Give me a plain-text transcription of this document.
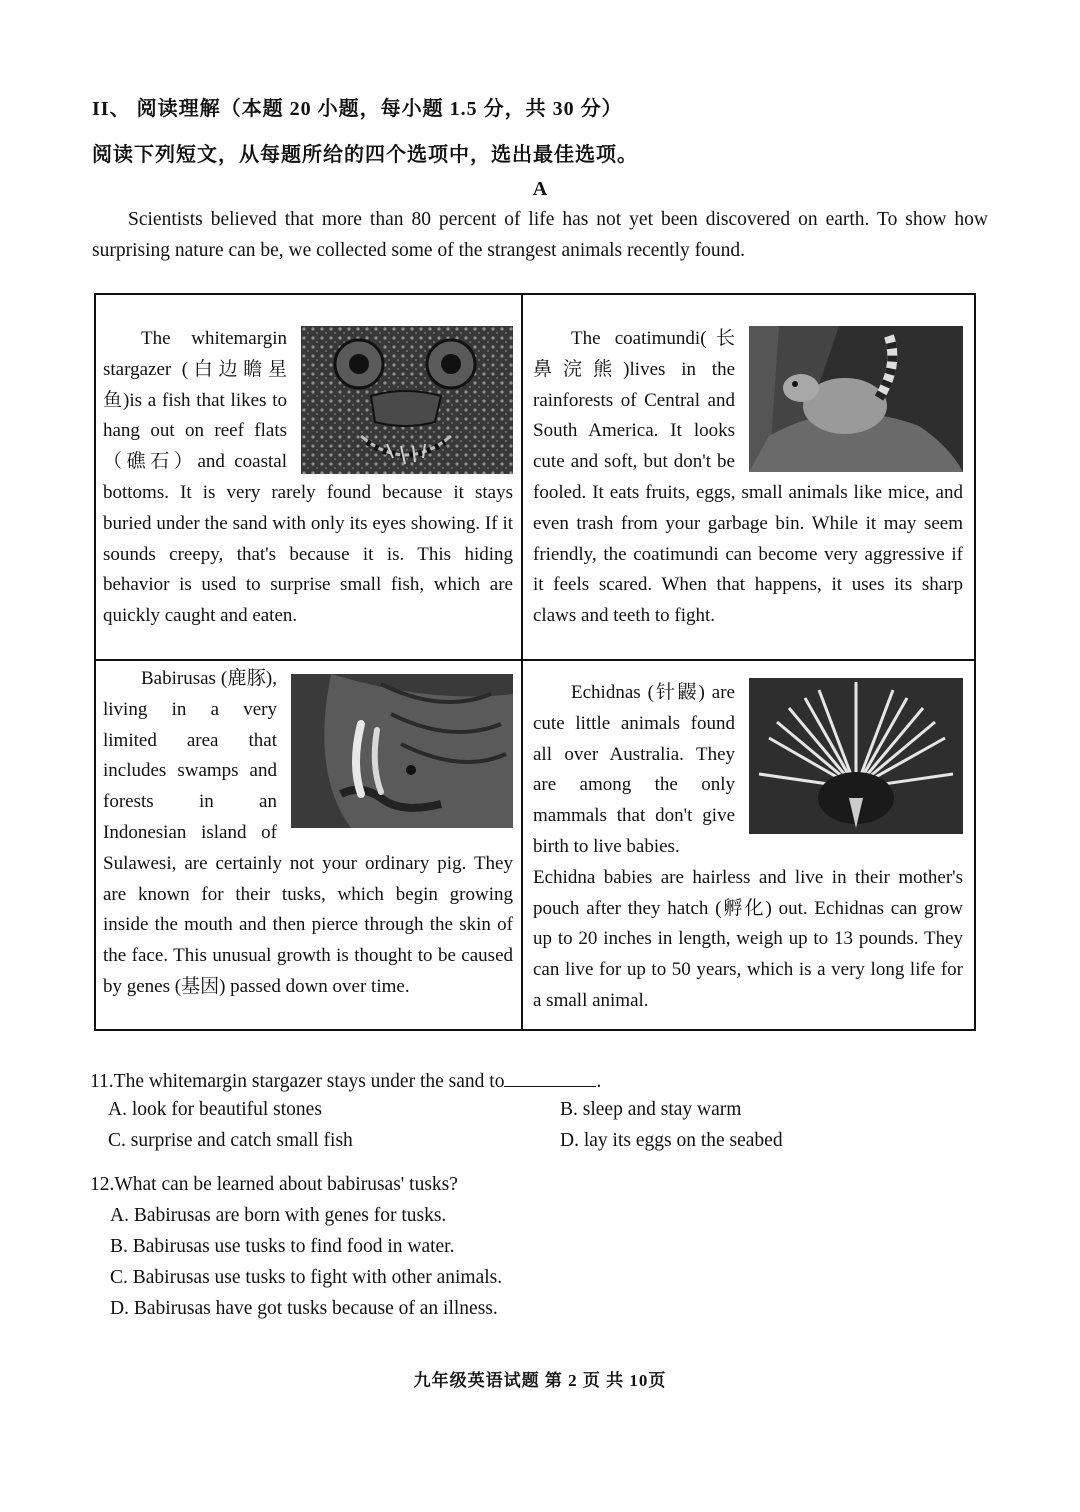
II、 阅读理解（本题 20 小题，每小题 1.5 分，共 30 分）
阅读下列短文，从每题所给的四个选项中，选出最佳选项。
A
Scientists believed that more than 80 percent of life has not yet been discovered on earth. To show how surprising nature can be, we collected some of the strangest animals recently found.

The whitemargin stargazer (白边瞻星鱼)is a fish that likes to hang out on reef flats（礁石）and coastal bottoms. It is very rarely found because it stays buried under the sand with only its eyes showing. If it sounds creepy, that's because it is. This hiding behavior is used to surprise small fish, which are quickly caught and eaten.

The coatimundi(长鼻浣熊)lives in the rainforests of Central and South America. It looks cute and soft, but don't be fooled. It eats fruits, eggs, small animals like mice, and even trash from your garbage bin. While it may seem friendly, the coatimundi can become very aggressive if it feels scared. When that happens, it uses its sharp claws and teeth to fight.

Babirusas (鹿豚), living in a very limited area that includes swamps and forests in an Indonesian island of Sulawesi, are certainly not your ordinary pig. They are known for their tusks, which begin growing inside the mouth and then pierce through the skin of the face. This unusual growth is thought to be caused by genes (基因) passed down over time.

Echidnas (针鼹) are cute little animals found all over Australia. They are among the only mammals that don't give birth to live babies.

Echidna babies are hairless and live in their mother's pouch after they hatch (孵化) out. Echidnas can grow up to 20 inches in length, weigh up to 13 pounds. They can live for up to 50 years, which is a very long life for a small animal.

11.The whitemargin stargazer stays under the sand to	.
A. look for beautiful stones	B. sleep and stay warm
C. surprise and catch small fish	D. lay its eggs on the seabed
12.What can be learned about babirusas' tusks?
A. Babirusas are born with genes for tusks.
B. Babirusas use tusks to find food in water.
C. Babirusas use tusks to fight with other animals.
D. Babirusas have got tusks because of an illness.
九年级英语试题 第 2 页 共 10页
